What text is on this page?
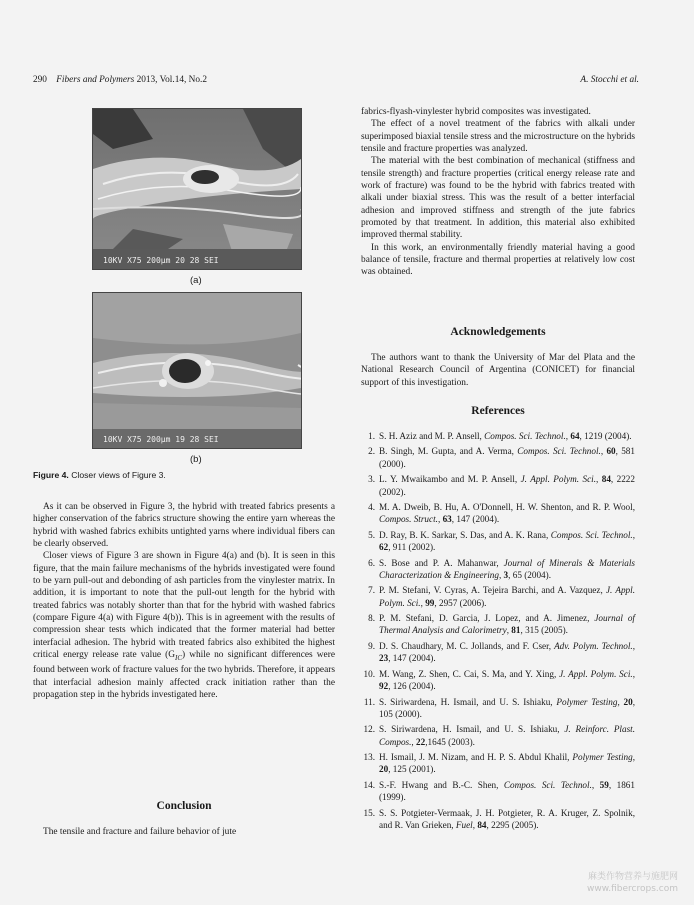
290 Fibers and Polymers 2013, Vol.14, No.2	A. Stocchi et al.
10KV X75 200μm 20 28 SEI
(a)
10KV X75 200μm 19 28 SEI
(b)
Figure 4. Closer views of Figure 3.

As it can be observed in Figure 3, the hybrid with treated fabrics presents a higher conservation of the fabrics structure showing the entire yarn whereas the hybrid with washed fabrics exhibits untighted yarns where individual fibers can be clearly observed.

Closer views of Figure 3 are shown in Figure 4(a) and (b). It is seen in this figure, that the main failure mechanisms of the hybrids investigated were found to be yarn pull-out and debonding of ash particles from the vinylester matrix. In addition, it is important to note that the pull-out length for the hybrid with treated fabrics was notably shorter than that for the hybrid with washed fabrics (compare Figure 4(a) with Figure 4(b)). This is in agreement with the results of compression shear tests which indicated that the former material had better interfacial adhesion. The hybrid with treated fabrics also exhibited the highest critical energy release rate value $(G_{IC})$ while no significant differences were found between work of fracture values for the two hybrids. Therefore, it appears that interfacial adhesion mainly affected crack initiation rather than the propagation step in the hybrids investigated here.

Conclusion

The tensile and fracture and failure behavior of jute

fabrics-flyash-vinylester hybrid composites was investigated.

The effect of a novel treatment of the fabrics with alkali under superimposed biaxial tensile stress and the microstructure on the hybrids tensile and fracture properties was analyzed.

The material with the best combination of mechanical (stiffness and tensile strength) and fracture properties (critical energy release rate and work of fracture) was found to be the hybrid with fabrics treated with alkali under biaxial stress. This was the result of a better interfacial adhesion and improved stiffness and strength of the jute fabrics promoted by that treatment. In addition, this material also exhibited improved thermal stability.

In this work, an environmentally friendly material having a good balance of tensile, fracture and thermal properties at relatively low cost was obtained.

Acknowledgements

The authors want to thank the University of Mar del Plata and the National Research Council of Argentina (CONICET) for financial support of this investigation.

References
1. S. H. Aziz and M. P. Ansell, Compos. Sci. Technol., 64, 1219 (2004).
2. B. Singh, M. Gupta, and A. Verma, Compos. Sci. Technol., 60, 581 (2000).
3. L. Y. Mwaikambo and M. P. Ansell, J. Appl. Polym. Sci., 84, 2222 (2002).
4. M. A. Dweib, B. Hu, A. O'Donnell, H. W. Shenton, and R. P. Wool, Compos. Struct., 63, 147 (2004).
5. D. Ray, B. K. Sarkar, S. Das, and A. K. Rana, Compos. Sci. Technol., 62, 911 (2002).
6. S. Bose and P. A. Mahanwar, Journal of Minerals & Materials Characterization & Engineering, 3, 65 (2004).
7. P. M. Stefani, V. Cyras, A. Tejeira Barchi, and A. Vazquez, J. Appl. Polym. Sci., 99, 2957 (2006).
8. P. M. Stefani, D. Garcia, J. Lopez, and A. Jimenez, Journal of Thermal Analysis and Calorimetry, 81, 315 (2005).
9. D. S. Chaudhary, M. C. Jollands, and F. Cser, Adv. Polym. Technol., 23, 147 (2004).
10. M. Wang, Z. Shen, C. Cai, S. Ma, and Y. Xing, J. Appl. Polym. Sci., 92, 126 (2004).
11. S. Siriwardena, H. Ismail, and U. S. Ishiaku, Polymer Testing, 20, 105 (2000).
12. S. Siriwardena, H. Ismail, and U. S. Ishiaku, J. Reinforc. Plast. Compos., 22,1645 (2003).
13. H. Ismail, J. M. Nizam, and H. P. S. Abdul Khalil, Polymer Testing, 20, 125 (2001).
14. S.-F. Hwang and B.-C. Shen, Compos. Sci. Technol., 59, 1861 (1999).
15. S. S. Potgieter-Vermaak, J. H. Potgieter, R. A. Kruger, Z. Spolnik, and R. Van Grieken, Fuel, 84, 2295 (2005).
麻类作物营养与施肥网
www.fibercrops.com
